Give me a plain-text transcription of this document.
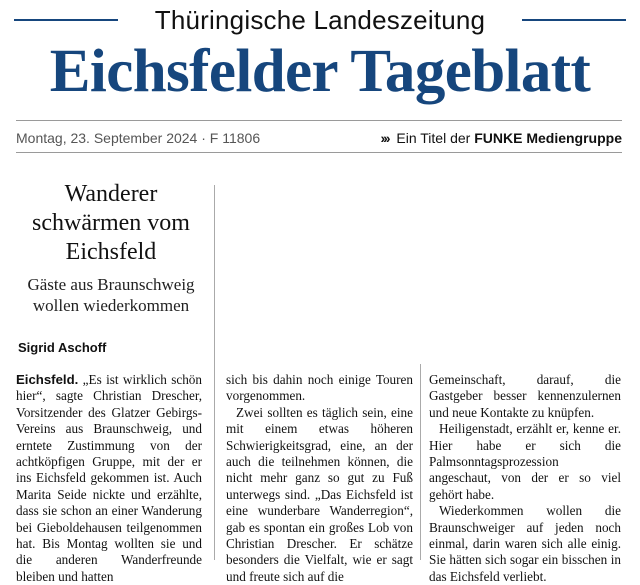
Thüringische Landeszeitung
Eichsfelder Tageblatt
Montag, 23. September 2024 · F 11806	››› Ein Titel der FUNKE Mediengruppe
Wanderer schwärmen vom Eichsfeld
Gäste aus Braunschweig wollen wiederkommen
Sigrid Aschoff

Eichsfeld. „Es ist wirklich schön hier“, sagte Christian Drescher, Vorsitzender des Glatzer Gebirgs-Vereins aus Braunschweig, und erntete Zustimmung von der achtköpfigen Gruppe, mit der er ins Eichsfeld gekommen ist. Auch Marita Seide nickte und erzählte, dass sie schon an einer Wanderung bei Gieboldehausen teilgenommen hat. Bis Montag wollten sie und die anderen Wanderfreunde bleiben und hatten

sich bis dahin noch einige Touren vorgenommen.

Zwei sollten es täglich sein, eine mit einem etwas höheren Schwierigkeitsgrad, eine, an der auch die teilnehmen können, die nicht mehr ganz so gut zu Fuß unterwegs sind. „Das Eichsfeld ist eine wunderbare Wanderregion“, gab es spontan ein großes Lob von Christian Drescher. Er schätze besonders die Vielfalt, wie er sagt und freute sich auf die

Gemeinschaft, darauf, die Gastgeber besser kennenzulernen und neue Kontakte zu knüpfen.

Heiligenstadt, erzählt er, kenne er. Hier habe er sich die Palmsonntagsprozession angeschaut, von der er so viel gehört habe.

Wiederkommen wollen die Braunschweiger auf jeden noch einmal, darin waren sich alle einig. Sie hätten sich sogar ein bisschen in das Eichsfeld verliebt.
